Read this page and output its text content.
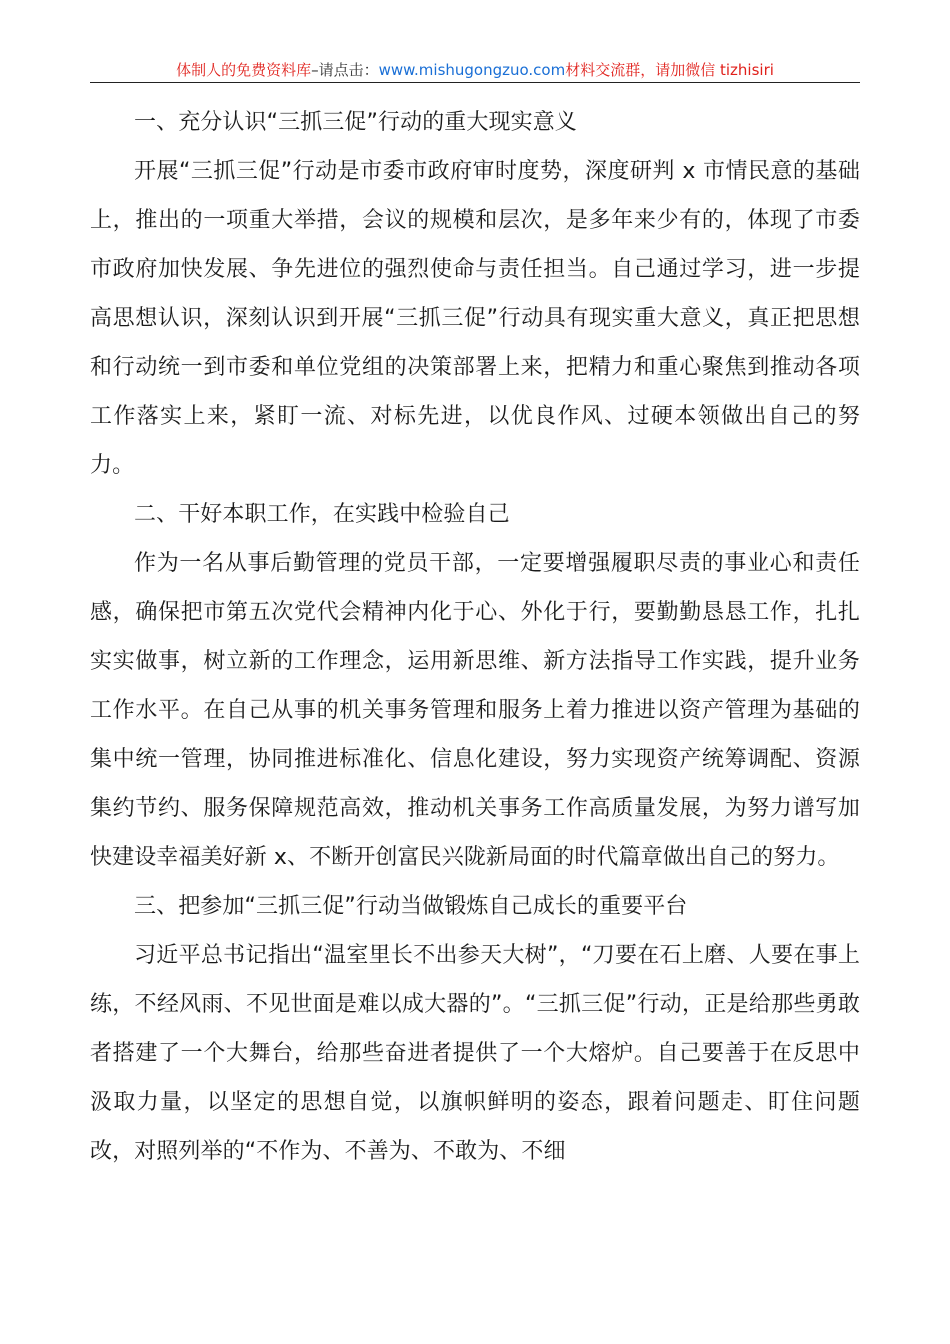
体制人的免费资料库–请点击：www.mishugongzuo.com材料交流群，请加微信 tizhisiri

一、充分认识“三抓三促”行动的重大现实意义

开展“三抓三促”行动是市委市政府审时度势，深度研判 x 市情民意的基础上，推出的一项重大举措，会议的规模和层次，是多年来少有的，体现了市委市政府加快发展、争先进位的强烈使命与责任担当。自己通过学习，进一步提高思想认识，深刻认识到开展“三抓三促”行动具有现实重大意义，真正把思想和行动统一到市委和单位党组的决策部署上来，把精力和重心聚焦到推动各项工作落实上来，紧盯一流、对标先进，以优良作风、过硬本领做出自己的努力。

二、干好本职工作，在实践中检验自己

作为一名从事后勤管理的党员干部，一定要增强履职尽责的事业心和责任感，确保把市第五次党代会精神内化于心、外化于行，要勤勤恳恳工作，扎扎实实做事，树立新的工作理念，运用新思维、新方法指导工作实践，提升业务工作水平。在自己从事的机关事务管理和服务上着力推进以资产管理为基础的集中统一管理，协同推进标准化、信息化建设，努力实现资产统筹调配、资源集约节约、服务保障规范高效，推动机关事务工作高质量发展，为努力谱写加快建设幸福美好新 x、不断开创富民兴陇新局面的时代篇章做出自己的努力。

三、把参加“三抓三促”行动当做锻炼自己成长的重要平台

习近平总书记指出“温室里长不出参天大树”，“刀要在石上磨、人要在事上练，不经风雨、不见世面是难以成大器的”。“三抓三促”行动，正是给那些勇敢者搭建了一个大舞台，给那些奋进者提供了一个大熔炉。自己要善于在反思中汲取力量，以坚定的思想自觉，以旗帜鲜明的姿态，跟着问题走、盯住问题改，对照列举的“不作为、不善为、不敢为、不细
